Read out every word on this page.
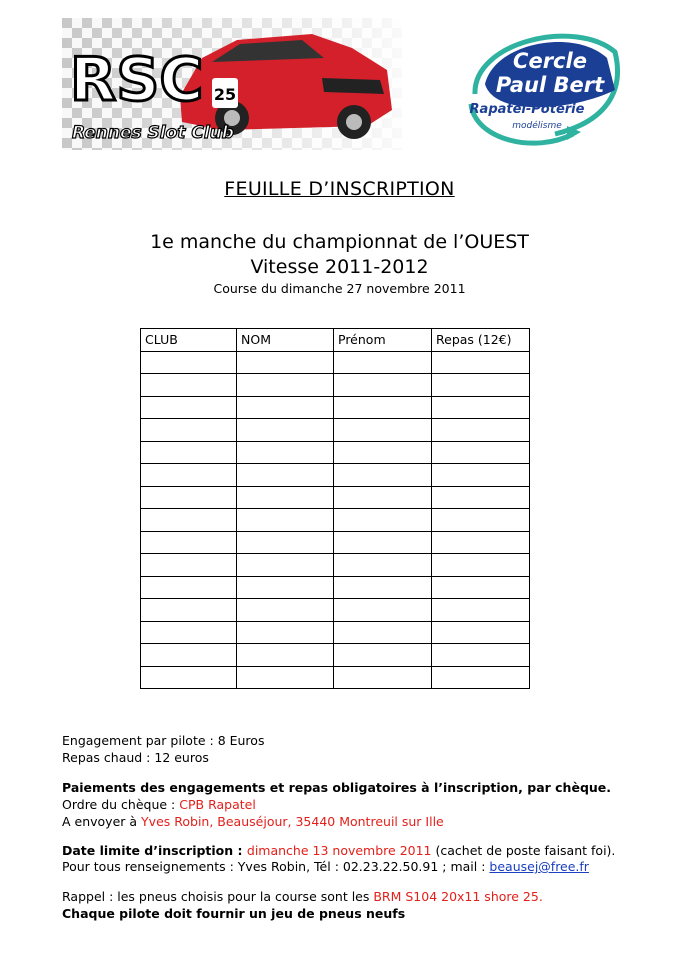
25
RSC
Rennes Slot Club
Cercle
Paul Bert
Rapatel-Poterie
modélisme
FEUILLE D’INSCRIPTION
1e manche du championnat de l’OUEST
Vitesse 2011-2012
Course du dimanche 27 novembre 2011
CLUB	NOM	Prénom	Repas (12€)

Engagement par pilote : 8 Euros
Repas chaud : 12 euros
Paiements des engagements et repas obligatoires à l’inscription, par chèque.
Ordre du chèque : CPB Rapatel
A envoyer à Yves Robin, Beauséjour, 35440 Montreuil sur Ille
Date limite d’inscription : dimanche 13 novembre 2011 (cachet de poste faisant foi).
Pour tous renseignements : Yves Robin, Tél : 02.23.22.50.91 ; mail : beausej@free.fr
Rappel : les pneus choisis pour la course sont les BRM S104 20x11 shore 25.
Chaque pilote doit fournir un jeu de pneus neufs
